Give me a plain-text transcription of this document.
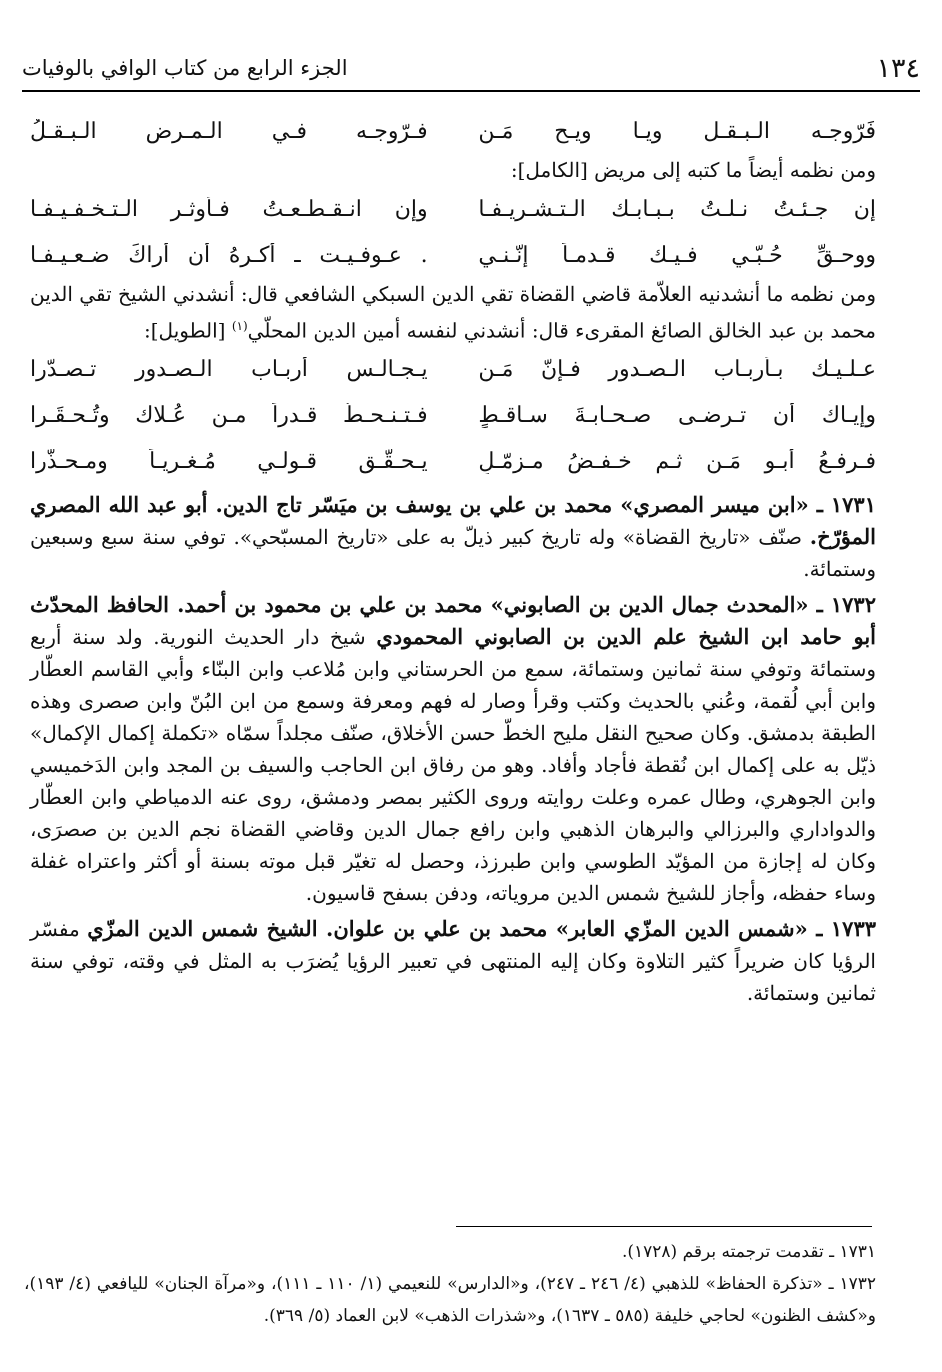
١٣٤
الجزء الرابع من كتاب الوافي بالوفيات
فَرّوجـه الـبـقـل ويـا ويـح مَـن
فـرّوجـه فـي الـمـرض الـبـقـلُ

ومن نظمه أيضاً ما كتبه إلى مريض [الكامل]:

إن جـئـتُ نـلـتُ بـبـابـك الـتـشـريـفـا
وإن انـقـطـعـتُ فـأوثـر الـتـخـفـيـفـا
ووحـقِّ حُـبّـي فـيـك قـدمـاً إنّـنـي
. عـوفـيـت ـ أكـرهُ أن أراكَ ضـعـيـفـا

ومن نظمه ما أنشدنيه العلاّمة قاضي القضاة تقي الدين السبكي الشافعي قال: أنشدني الشيخ تقي الدين محمد بن عبد الخالق الصائغ المقرىء قال: أنشدني لنفسه أمين الدين المحلّي$^{(١)}$ [الطويل]:

عـلـيـك بـأربـاب الـصـدور فـإنّ مَـن
يـجـالـس أربـاب الـصـدور تـصـدّرا
وإيـاك أن تـرضـى صـحـابـةَ سـاقـطٍ
فـتـنـحـطَّ قـدراً مـن عُـلاك وتُـحـقَـرا
فـرفـعُ أبـو مَـن ثـم خـفـضُ مـزمّـلٍ
يـحـقّـق قـولـي مُـغـريـاً ومـحـذّرا

١٧٣١ ـ «ابن ميسر المصري» محمد بن علي بن يوسف بن ميَسّر تاج الدين. أبو عبد الله المصري المؤرّخ. صنّف «تاريخ القضاة» وله تاريخ كبير ذيلّ به على «تاريخ المسبّحي». توفي سنة سبع وسبعين وستمائة.

١٧٣٢ ـ «المحدث جمال الدين بن الصابوني» محمد بن علي بن محمود بن أحمد. الحافظ المحدّث أبو حامد ابن الشيخ علم الدين بن الصابوني المحمودي شيخ دار الحديث النورية. ولد سنة أربع وستمائة وتوفي سنة ثمانين وستمائة، سمع من الحرستاني وابن مُلاعب وابن البنّاء وأبي القاسم العطّار وابن أبي لُقمة، وعُني بالحديث وكتب وقرأ وصار له فهم ومعرفة وسمع من ابن البُنّ وابن صصرى وهذه الطبقة بدمشق. وكان صحيح النقل مليح الخطّ حسن الأخلاق، صنّف مجلداً سمّاه «تكملة إكمال الإكمال» ذيّل به على إكمال ابن نُقطة فأجاد وأفاد. وهو من رفاق ابن الحاجب والسيف بن المجد وابن الدَخميسي وابن الجوهري، وطال عمره وعلت روايته وروى الكثير بمصر ودمشق، روى عنه الدمياطي وابن العطّار والدواداري والبرزالي والبرهان الذهبي وابن رافع جمال الدين وقاضي القضاة نجم الدين بن صصرَى، وكان له إجازة من المؤيّد الطوسي وابن طبرزذ، وحصل له تغيّر قبل موته بسنة أو أكثر واعتراه غفلة وساء حفظه، وأجاز للشيخ شمس الدين مروياته، ودفن بسفح قاسيون.

١٧٣٣ ـ «شمس الدين المزّي العابر» محمد بن علي بن علوان. الشيخ شمس الدين المزّي مفسّر الرؤيا كان ضريراً كثير التلاوة وكان إليه المنتهى في تعبير الرؤيا يُضرَب به المثل في وقته، توفي سنة ثمانين وستمائة.

١٧٣١ ـ تقدمت ترجمته برقم (١٧٢٨).

١٧٣٢ ـ «تذكرة الحفاظ» للذهبي (٤/ ٢٤٦ ـ ٢٤٧)، و«الدارس» للنعيمي (١/ ١١٠ ـ ١١١)، و«مرآة الجنان» لليافعي (٤/ ١٩٣)، و«كشف الظنون» لحاجي خليفة (٥٨٥ ـ ١٦٣٧)، و«شذرات الذهب» لابن العماد (٥/ ٣٦٩).
